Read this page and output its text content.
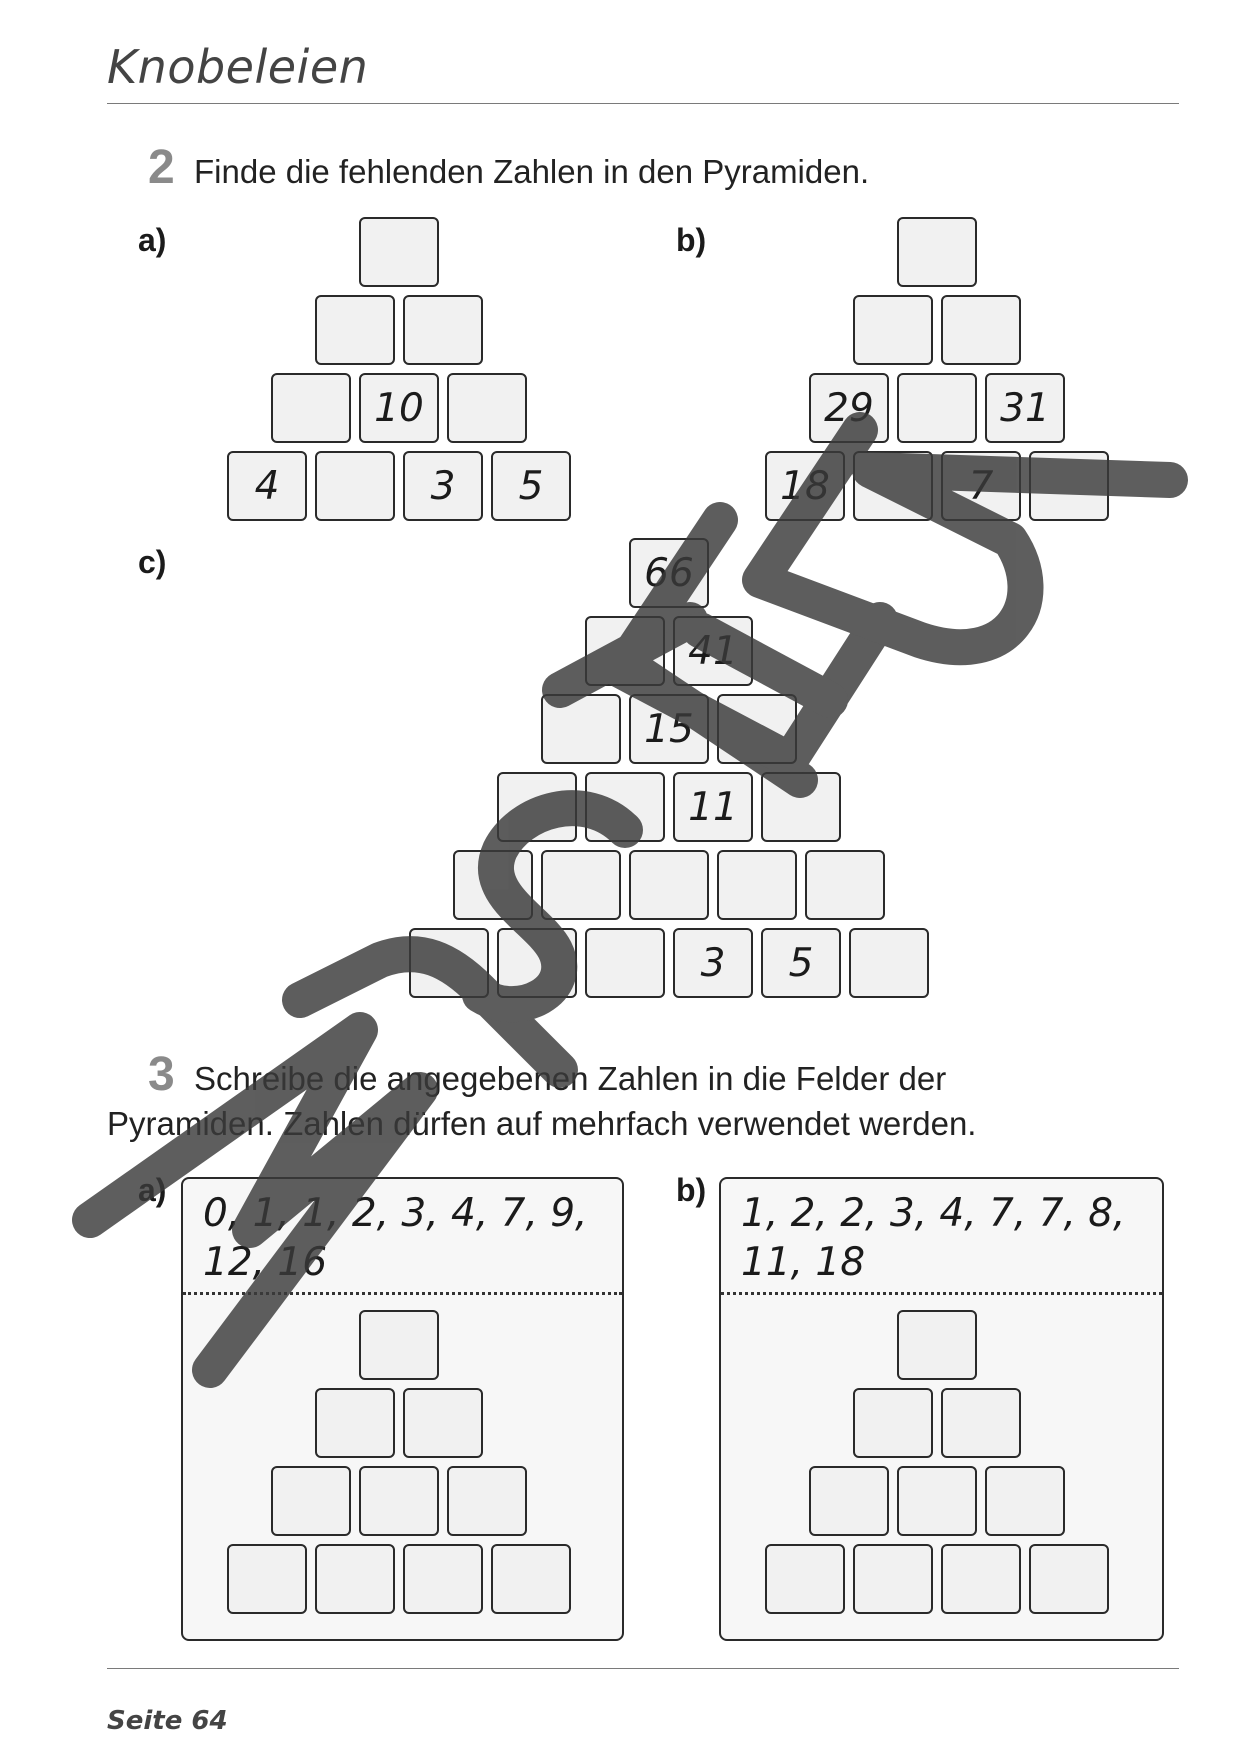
Knobeleien
2 Finde die fehlenden Zahlen in den Pyramiden.
a)	b)
c)
10
4	3	5
29	31
18	7
66
41
15
11
3	5
3 Schreibe die angegebenen Zahlen in die Felder der
Pyramiden. Zahlen dürfen auf mehrfach verwendet werden.
a)	b)
0, 1, 1, 2, 3, 4, 7, 9,
12, 16
1, 2, 2, 3, 4, 7, 7, 8,
11, 18
Seite 64
